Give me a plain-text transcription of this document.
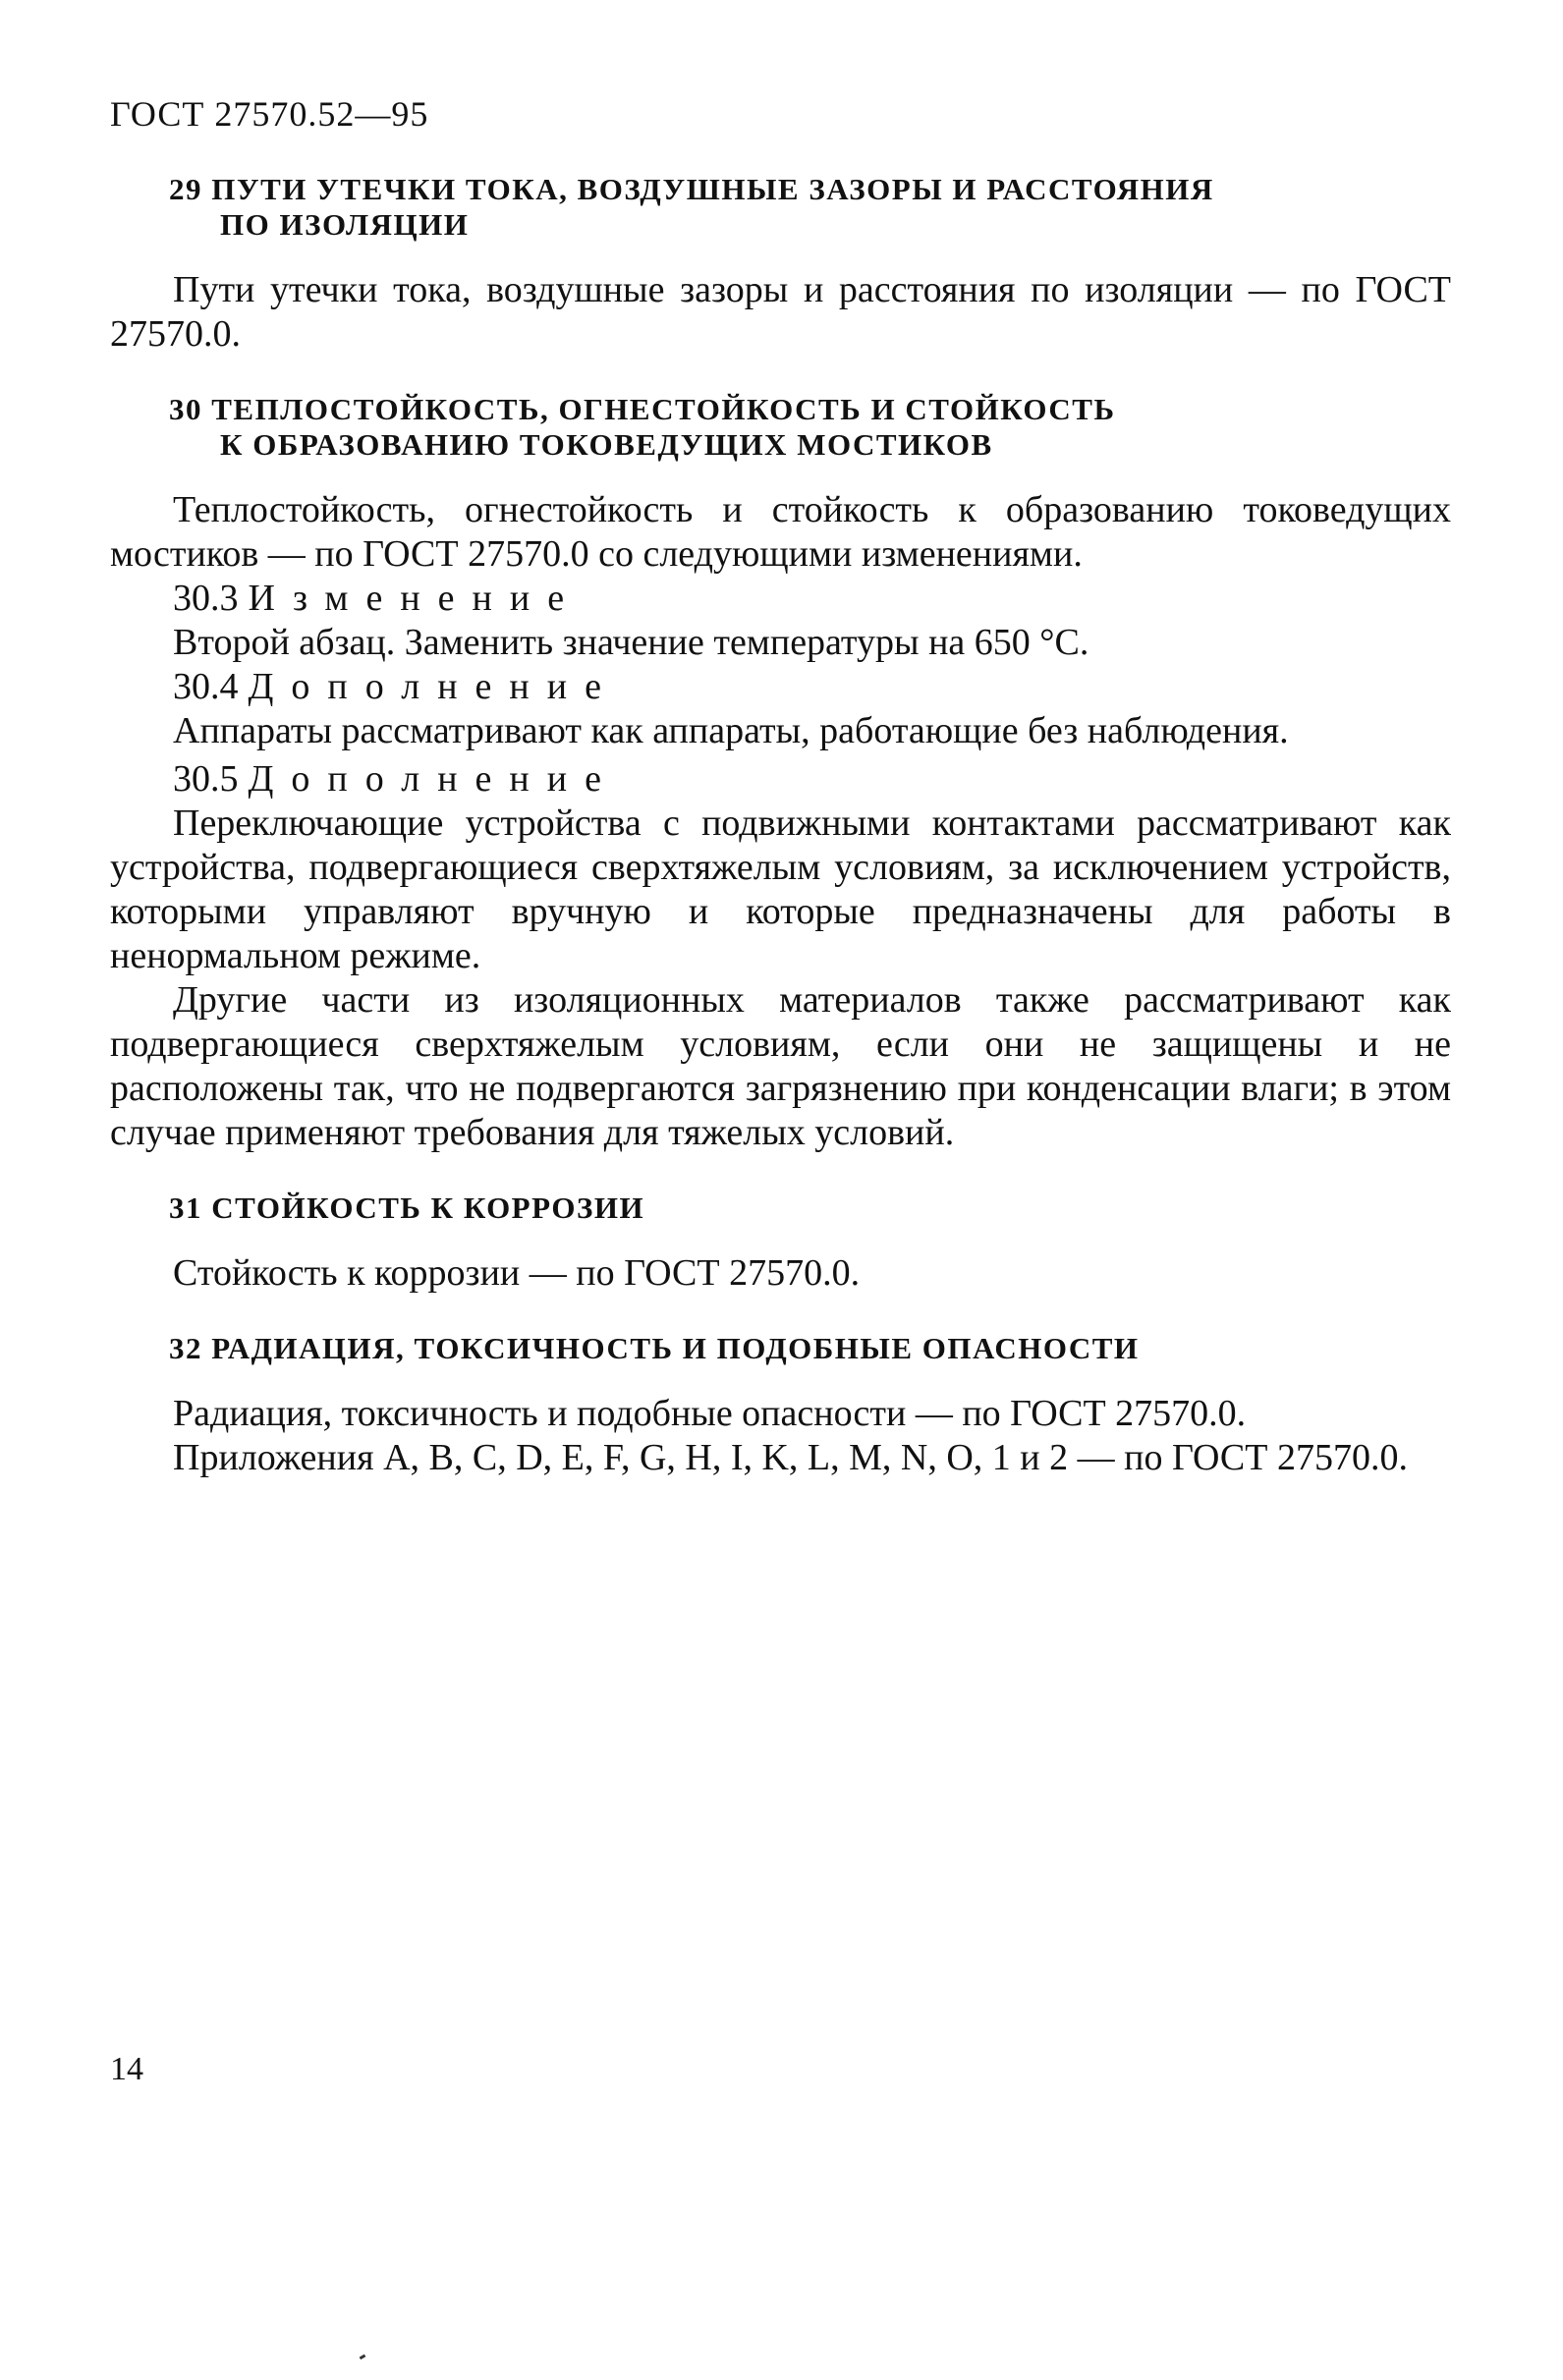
ГОСТ 27570.52—95
29 ПУТИ УТЕЧКИ ТОКА, ВОЗДУШНЫЕ ЗАЗОРЫ И РАССТОЯНИЯ
ПО ИЗОЛЯЦИИ

Пути утечки тока, воздушные зазоры и расстояния по изоляции — по ГОСТ 27570.0.

30 ТЕПЛОСТОЙКОСТЬ, ОГНЕСТОЙКОСТЬ И СТОЙКОСТЬ
К ОБРАЗОВАНИЮ ТОКОВЕДУЩИХ МОСТИКОВ

Теплостойкость, огнестойкость и стойкость к образованию токоведущих мостиков — по ГОСТ 27570.0 со следующими изменениями.

30.3 Изменение

Второй абзац. Заменить значение температуры на 650 °С.

30.4 Дополнение

Аппараты рассматривают как аппараты, работающие без наблюдения.

30.5 Дополнение

Переключающие устройства с подвижными контактами рассматривают как устройства, подвергающиеся сверхтяжелым условиям, за исключением устройств, которыми управляют вручную и которые предназначены для работы в ненормальном режиме.

Другие части из изоляционных материалов также рассматривают как подвергающиеся сверхтяжелым условиям, если они не защищены и не расположены так, что не подвергаются загрязнению при конденсации влаги; в этом случае применяют требования для тяжелых условий.

31 СТОЙКОСТЬ К КОРРОЗИИ

Стойкость к коррозии — по ГОСТ 27570.0.

32 РАДИАЦИЯ, ТОКСИЧНОСТЬ И ПОДОБНЫЕ ОПАСНОСТИ

Радиация, токсичность и подобные опасности — по ГОСТ 27570.0.

Приложения A, B, C, D, E, F, G, H, I, K, L, M, N, O, 1 и 2 — по ГОСТ 27570.0.

14
